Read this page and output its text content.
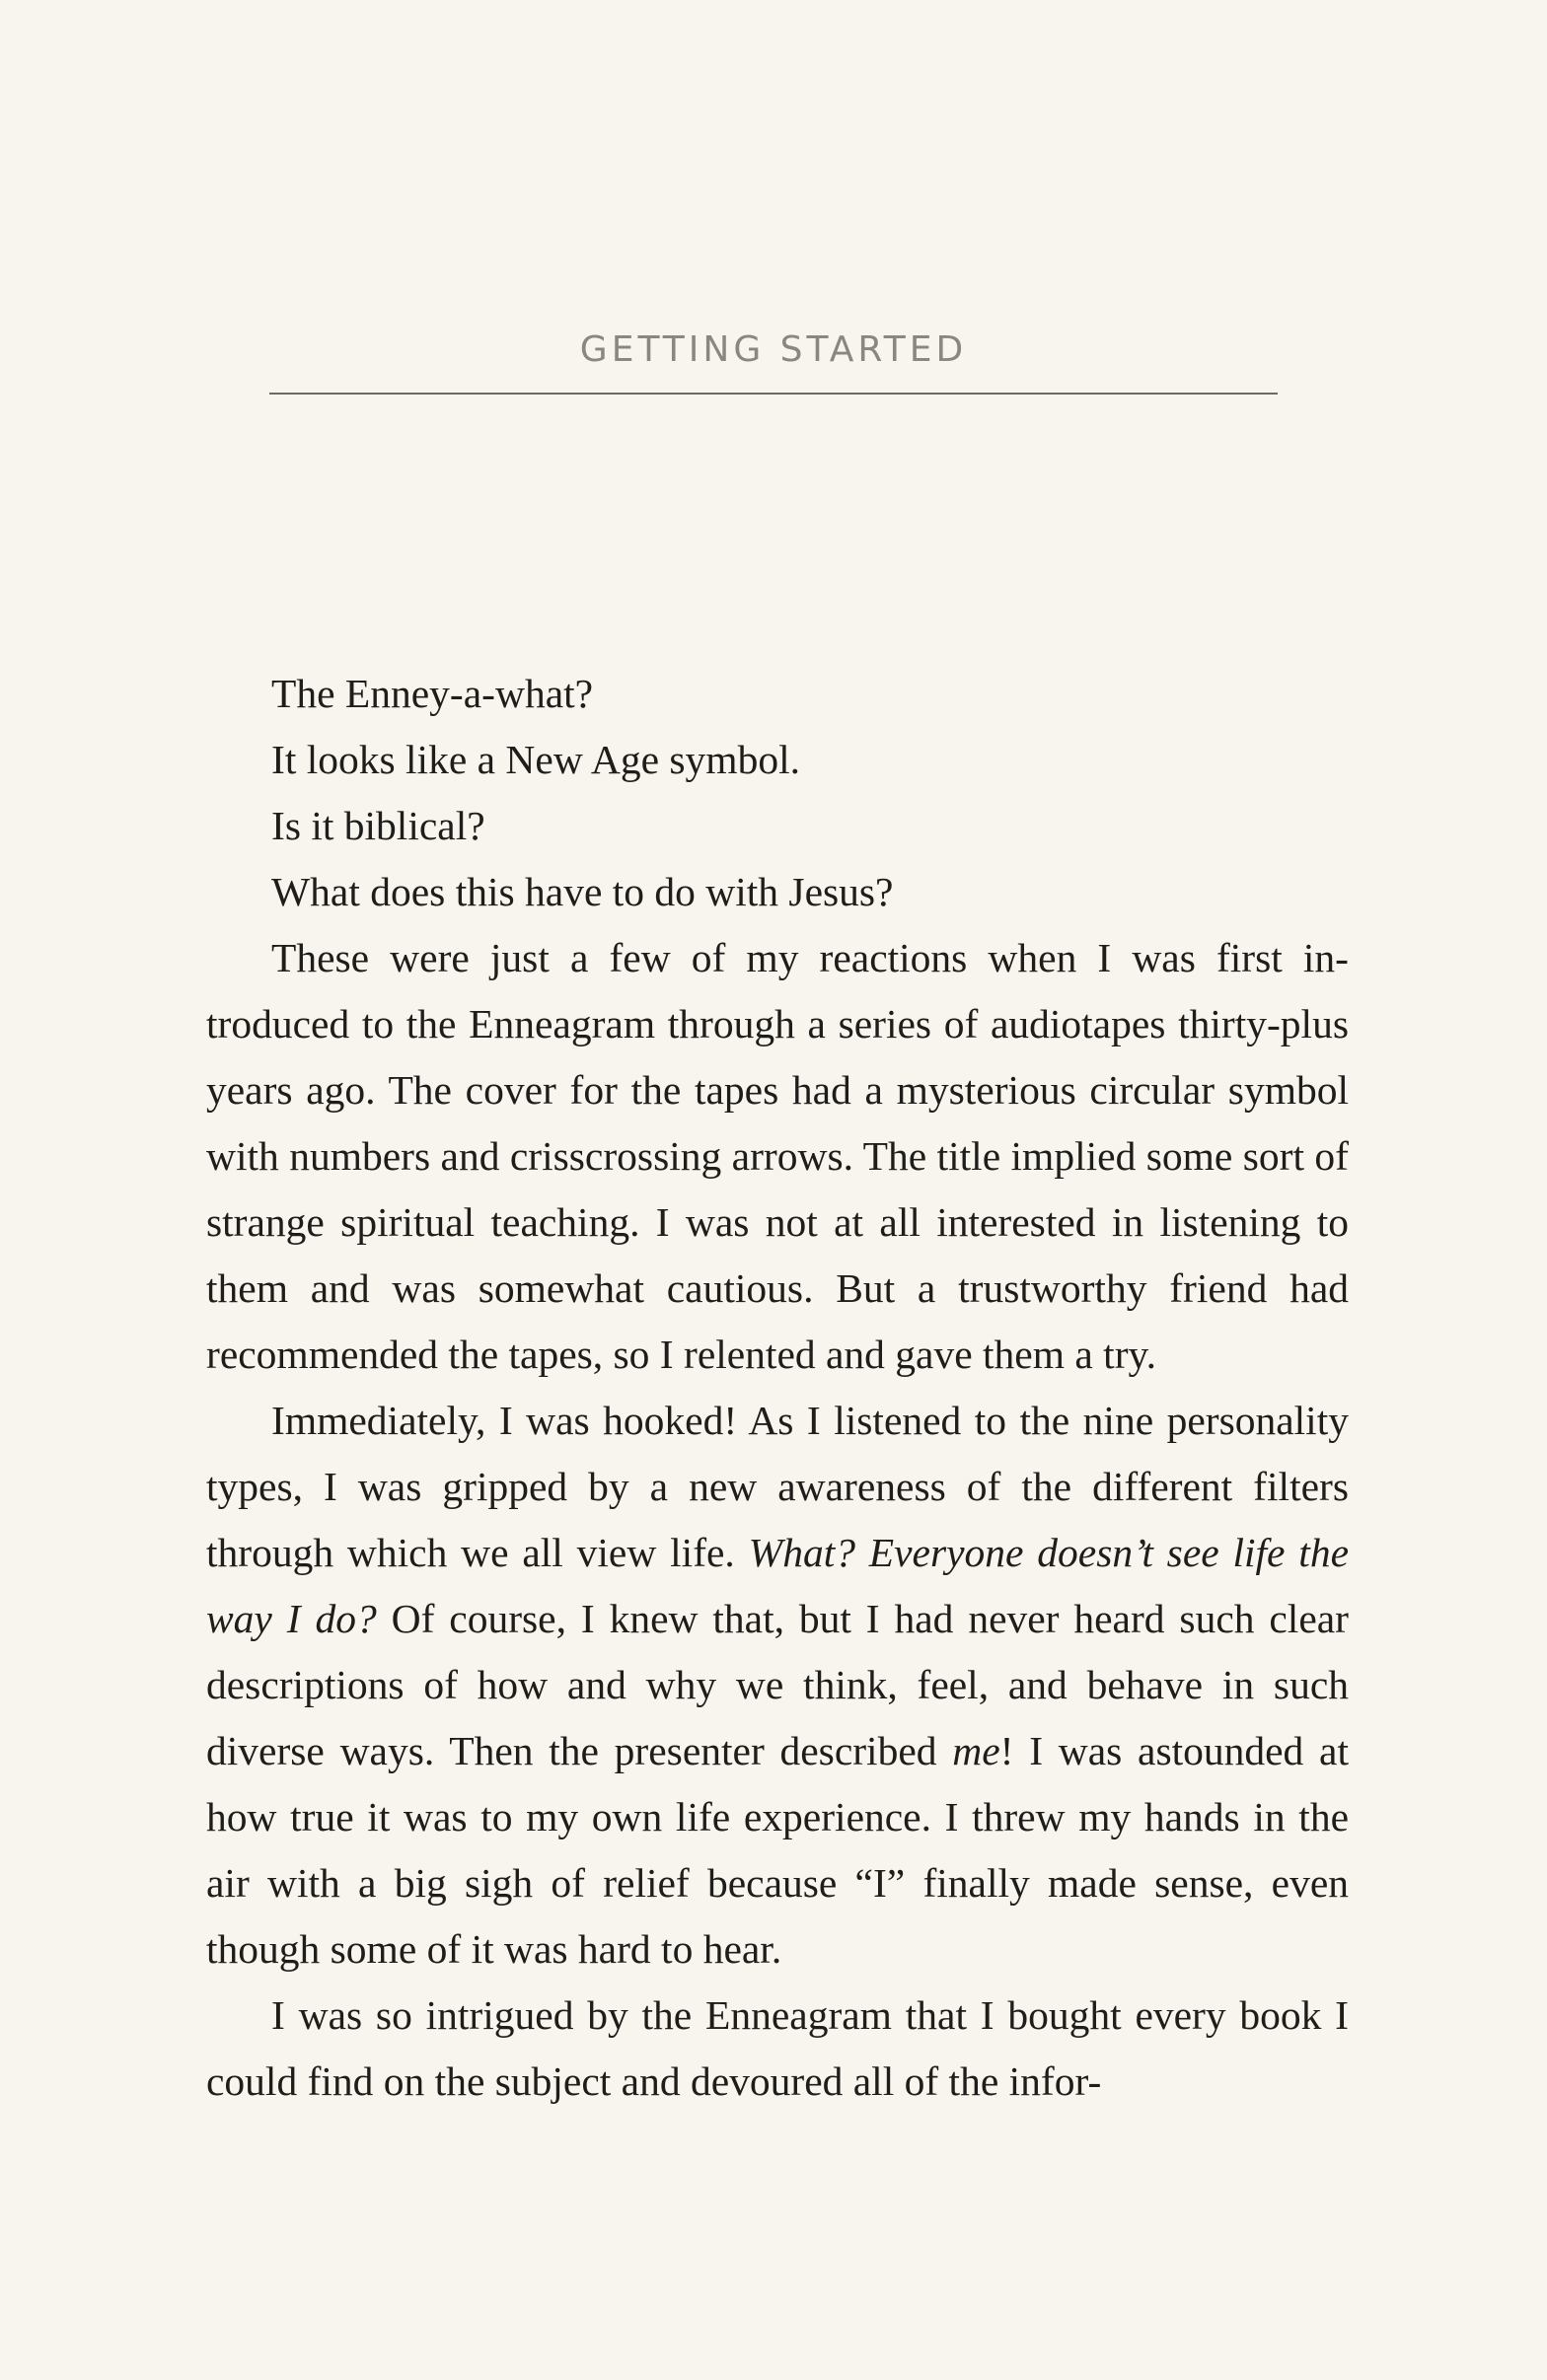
GETTING STARTED

The Enney-a-what?

It looks like a New Age symbol.

Is it biblical?

What does this have to do with Jesus?

These were just a few of my reactions when I was first introduced to the Enneagram through a series of audiotapes thirty-plus years ago. The cover for the tapes had a mysterious circular symbol with numbers and crisscrossing arrows. The title implied some sort of strange spiritual teaching. I was not at all interested in listening to them and was somewhat cautious. But a trustworthy friend had recommended the tapes, so I relented and gave them a try.

Immediately, I was hooked! As I listened to the nine personality types, I was gripped by a new awareness of the different filters through which we all view life. What? Everyone doesn’t see life the way I do? Of course, I knew that, but I had never heard such clear descriptions of how and why we think, feel, and behave in such diverse ways. Then the presenter described me! I was astounded at how true it was to my own life experience. I threw my hands in the air with a big sigh of relief because “I” finally made sense, even though some of it was hard to hear.

I was so intrigued by the Enneagram that I bought every book I could find on the subject and devoured all of the infor-
